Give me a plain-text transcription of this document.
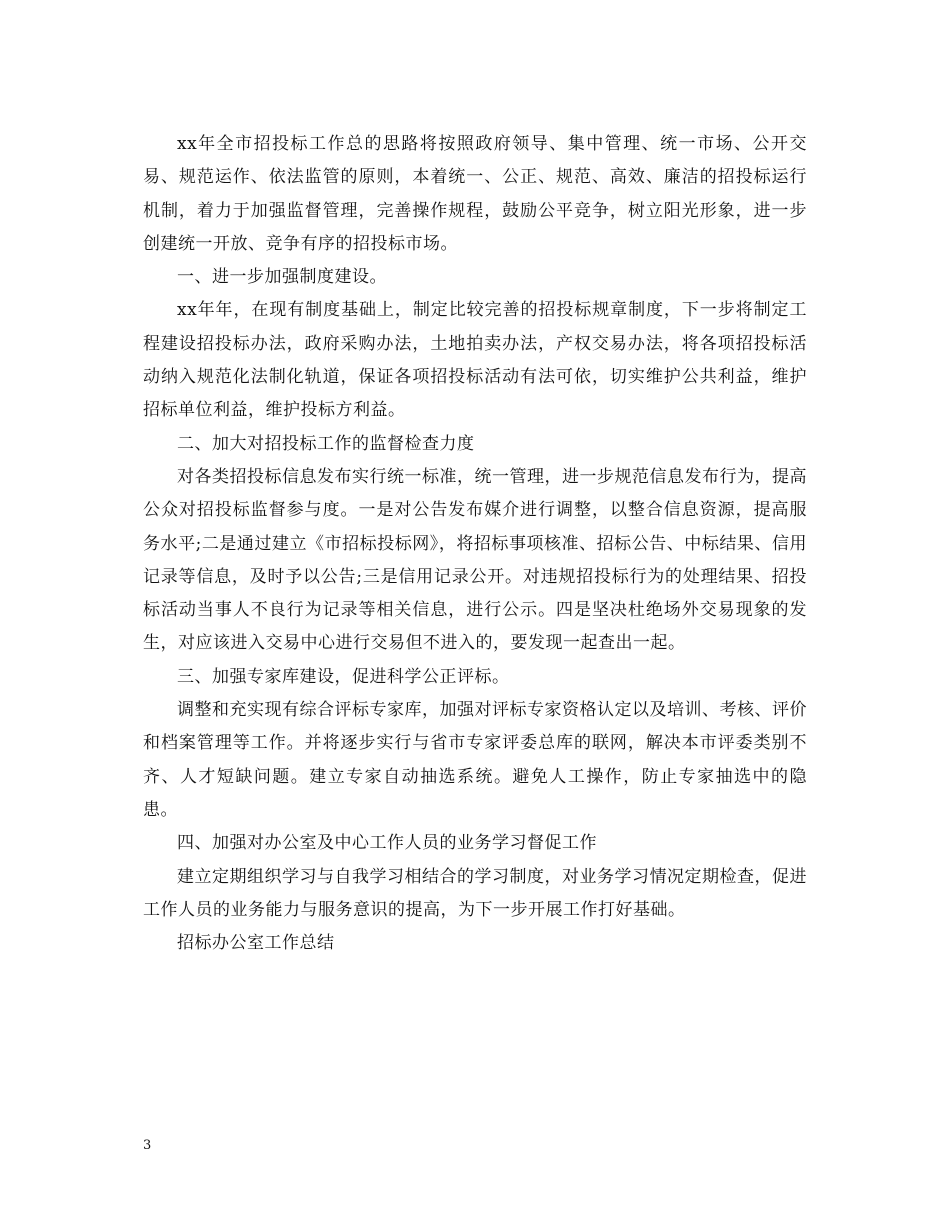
xx年全市招投标工作总的思路将按照政府领导、集中管理、统一市场、公开交易、规范运作、依法监管的原则，本着统一、公正、规范、高效、廉洁的招投标运行机制，着力于加强监督管理，完善操作规程，鼓励公平竞争，树立阳光形象，进一步创建统一开放、竞争有序的招投标市场。

一、进一步加强制度建设。

xx年年，在现有制度基础上，制定比较完善的招投标规章制度，下一步将制定工程建设招投标办法，政府采购办法，土地拍卖办法，产权交易办法，将各项招投标活动纳入规范化法制化轨道，保证各项招投标活动有法可依，切实维护公共利益，维护招标单位利益，维护投标方利益。

二、加大对招投标工作的监督检查力度

对各类招投标信息发布实行统一标准，统一管理，进一步规范信息发布行为，提高公众对招投标监督参与度。一是对公告发布媒介进行调整，以整合信息资源，提高服务水平;二是通过建立《市招标投标网》，将招标事项核准、招标公告、中标结果、信用记录等信息，及时予以公告;三是信用记录公开。对违规招投标行为的处理结果、招投标活动当事人不良行为记录等相关信息，进行公示。四是坚决杜绝场外交易现象的发生，对应该进入交易中心进行交易但不进入的，要发现一起查出一起。

三、加强专家库建设，促进科学公正评标。

调整和充实现有综合评标专家库，加强对评标专家资格认定以及培训、考核、评价和档案管理等工作。并将逐步实行与省市专家评委总库的联网，解决本市评委类别不齐、人才短缺问题。建立专家自动抽选系统。避免人工操作，防止专家抽选中的隐患。

四、加强对办公室及中心工作人员的业务学习督促工作

建立定期组织学习与自我学习相结合的学习制度，对业务学习情况定期检查，促进工作人员的业务能力与服务意识的提高，为下一步开展工作打好基础。

招标办公室工作总结

3
